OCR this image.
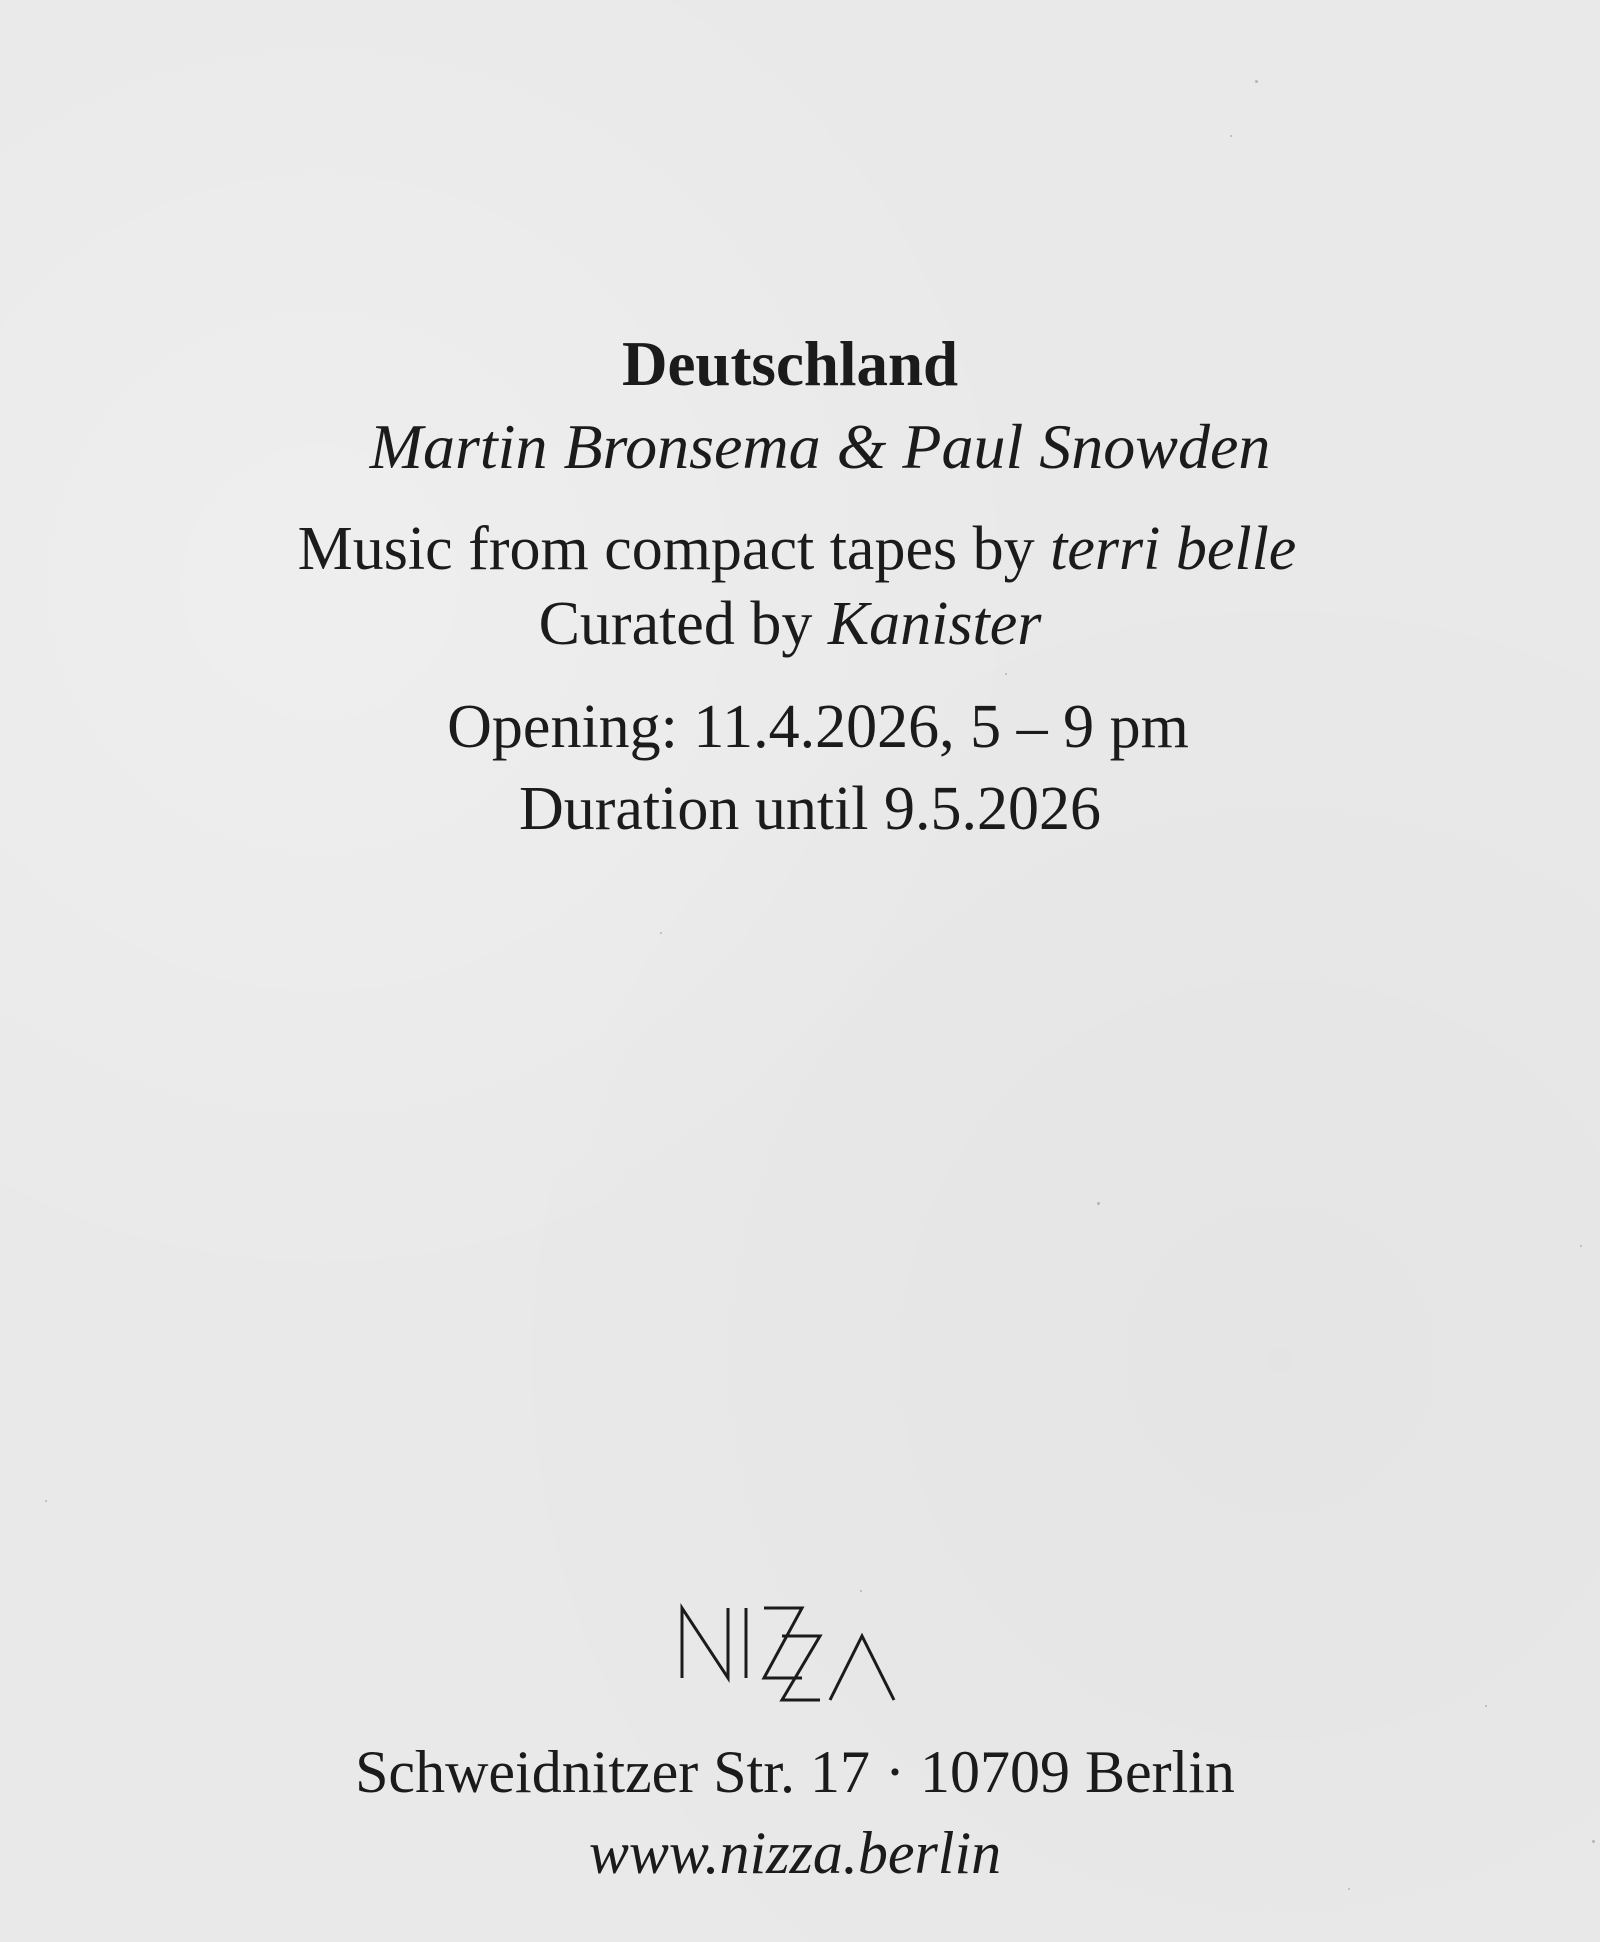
Deutschland
Martin Bronsema & Paul Snowden
Music from compact tapes by terri belle
Curated by Kanister
Opening: 11.4.2026, 5 – 9 pm
Duration until 9.5.2026
Schweidnitzer Str. 17 · 10709 Berlin
www.nizza.berlin
